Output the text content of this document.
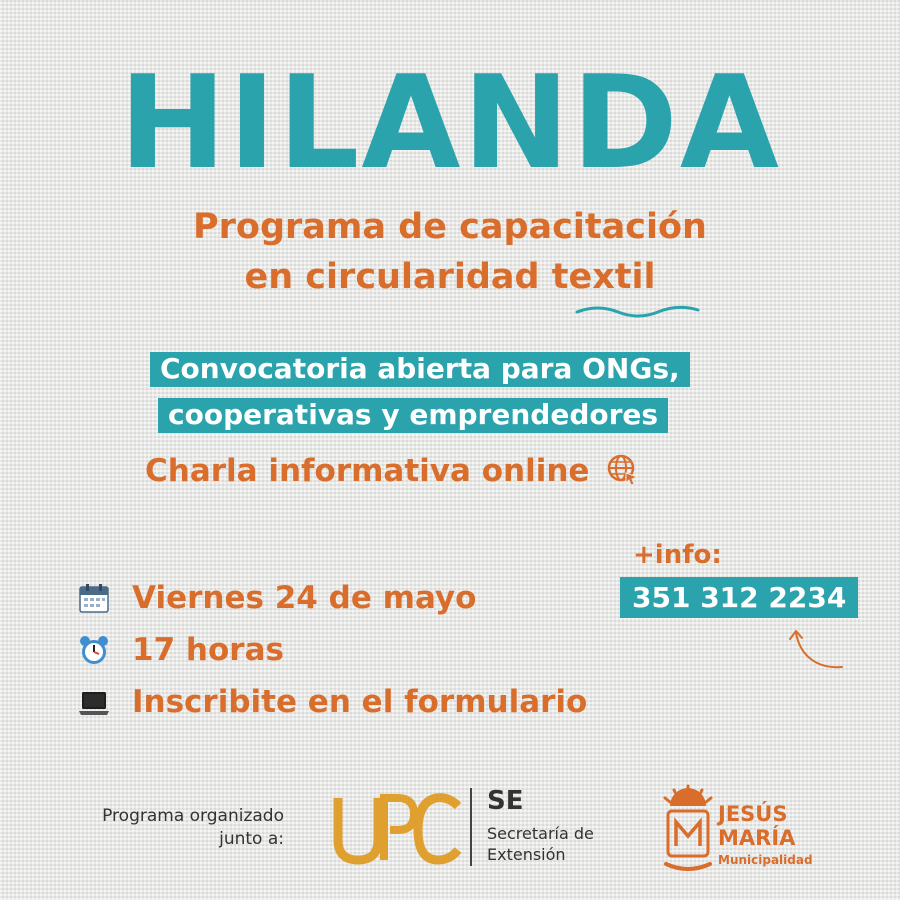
HILANDA
Programa de capacitación
en circularidad textil
Convocatoria abierta para ONGs,
cooperativas y emprendedores
Charla informativa online
Viernes 24 de mayo
17 horas
Inscribite en el formulario
+info:
351 312 2234
Programa organizado
junto a:
SE
Secretaría de
Extensión
JESÚS
MARÍA
Municipalidad
